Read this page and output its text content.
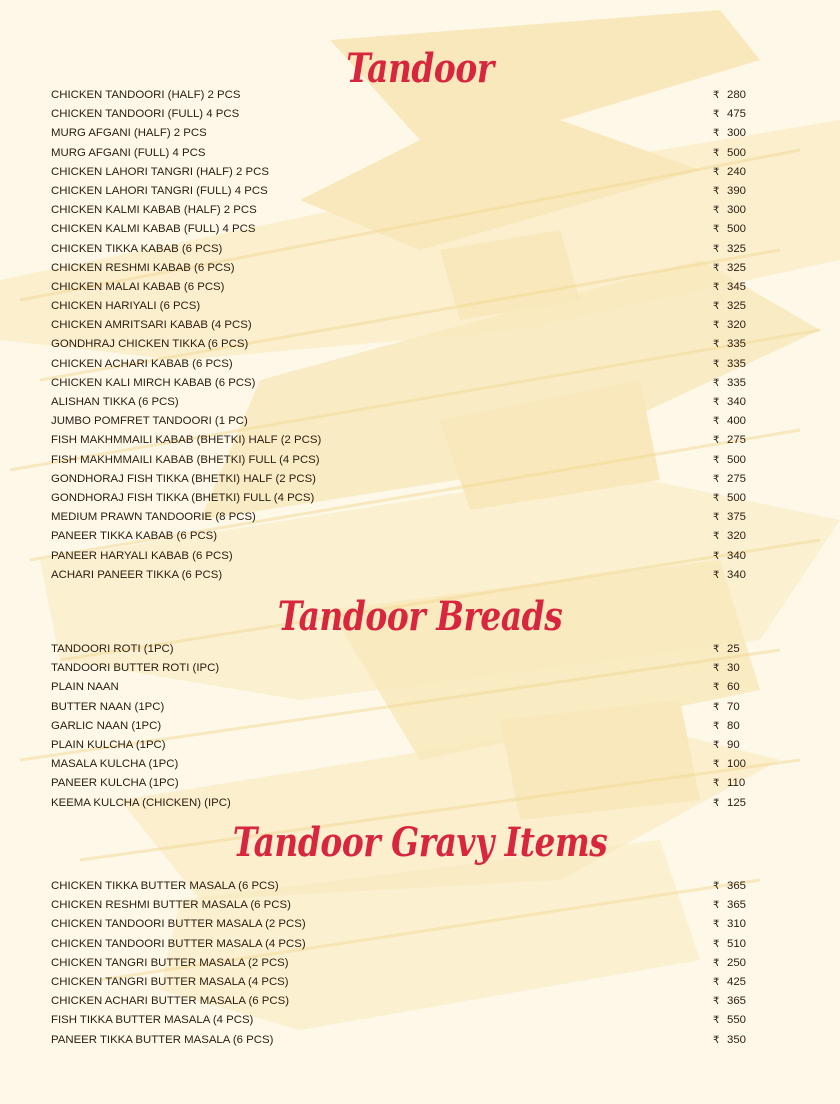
Tandoor
CHICKEN TANDOORI (HALF) 2 PCS	₹ 280
CHICKEN TANDOORI (FULL) 4 PCS	₹ 475
MURG AFGANI (HALF) 2 PCS	₹ 300
MURG AFGANI (FULL) 4 PCS	₹ 500
CHICKEN LAHORI TANGRI (HALF) 2 PCS	₹ 240
CHICKEN LAHORI TANGRI (FULL) 4 PCS	₹ 390
CHICKEN KALMI KABAB (HALF) 2 PCS	₹ 300
CHICKEN KALMI KABAB (FULL) 4 PCS	₹ 500
CHICKEN TIKKA KABAB (6 PCS)	₹ 325
CHICKEN RESHMI KABAB (6 PCS)	₹ 325
CHICKEN MALAI KABAB (6 PCS)	₹ 345
CHICKEN HARIYALI (6 PCS)	₹ 325
CHICKEN AMRITSARI KABAB (4 PCS)	₹ 320
GONDHRAJ CHICKEN TIKKA (6 PCS)	₹ 335
CHICKEN ACHARI KABAB (6 PCS)	₹ 335
CHICKEN KALI MIRCH KABAB (6 PCS)	₹ 335
ALISHAN TIKKA (6 PCS)	₹ 340
JUMBO POMFRET TANDOORI (1 PC)	₹ 400
FISH MAKHMMAILI KABAB (BHETKI) HALF (2 PCS)	₹ 275
FISH MAKHMMAILI KABAB (BHETKI) FULL (4 PCS)	₹ 500
GONDHORAJ FISH TIKKA (BHETKI) HALF (2 PCS)	₹ 275
GONDHORAJ FISH TIKKA (BHETKI) FULL (4 PCS)	₹ 500
MEDIUM PRAWN TANDOORIE (8 PCS)	₹ 375
PANEER TIKKA KABAB (6 PCS)	₹ 320
PANEER HARYALI KABAB (6 PCS)	₹ 340
ACHARI PANEER TIKKA (6 PCS)	₹ 340
Tandoor Breads
TANDOORI ROTI (1PC)	₹ 25
TANDOORI BUTTER ROTI (IPC)	₹ 30
PLAIN NAAN	₹ 60
BUTTER NAAN (1PC)	₹ 70
GARLIC NAAN (1PC)	₹ 80
PLAIN KULCHA (1PC)	₹ 90
MASALA KULCHA (1PC)	₹ 100
PANEER KULCHA (1PC)	₹ 110
KEEMA KULCHA (CHICKEN) (IPC)	₹ 125
Tandoor Gravy Items
CHICKEN TIKKA BUTTER MASALA (6 PCS)	₹ 365
CHICKEN RESHMI BUTTER MASALA (6 PCS)	₹ 365
CHICKEN TANDOORI BUTTER MASALA (2 PCS)	₹ 310
CHICKEN TANDOORI BUTTER MASALA (4 PCS)	₹ 510
CHICKEN TANGRI BUTTER MASALA (2 PCS)	₹ 250
CHICKEN TANGRI BUTTER MASALA (4 PCS)	₹ 425
CHICKEN ACHARI BUTTER MASALA (6 PCS)	₹ 365
FISH TIKKA BUTTER MASALA (4 PCS)	₹ 550
PANEER TIKKA BUTTER MASALA (6 PCS)	₹ 350
